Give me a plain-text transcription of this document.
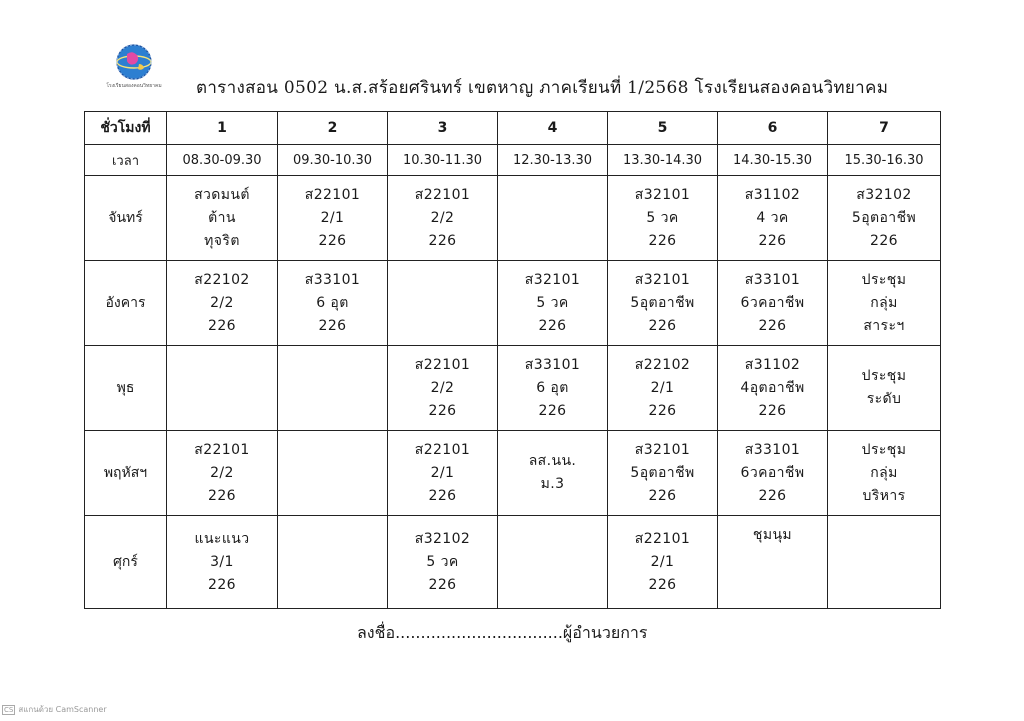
โรงเรียนสองคอนวิทยาคม ตารางสอน 0502 น.ส.สร้อยศรินทร์ เขตหาญ ภาคเรียนที่ 1/2568 โรงเรียนสองคอนวิทยาคม
ชั่วโมงที่	1	2	3	4	5	6	7
เวลา	08.30-09.30	09.30-10.30	10.30-11.30	12.30-13.30	13.30-14.30	14.30-15.30	15.30-16.30
จันทร์	สวดมนต์
ต้าน
ทุจริต	ส22101
2/1
226	ส22101
2/2
226		ส32101
5 วค
226	ส31102
4 วค
226	ส32102
5อุตอาชีพ
226

อังคาร	ส22102
2/2
226	ส33101
6 อุต
226		ส32101
5 วค
226	ส32101
5อุตอาชีพ
226	ส33101
6วคอาชีพ
226	ประชุม
กลุ่ม
สาระฯ

พุธ			ส22101
2/2
226	ส33101
6 อุต
226	ส22102
2/1
226	ส31102
4อุตอาชีพ
226	ประชุม
ระดับ

พฤหัสฯ	ส22101
2/2
226		ส22101
2/1
226	ลส.นน.
ม.3	ส32101
5อุตอาชีพ
226	ส33101
6วคอาชีพ
226	ประชุม
กลุ่ม
บริหาร

ศุกร์	แนะแนว
3/1
226		ส32102
5 วค
226		ส22101
2/1
226	ชุมนุม	

ลงชื่อ.................................ผู้อำนวยการ
CS สแกนด้วย CamScanner
